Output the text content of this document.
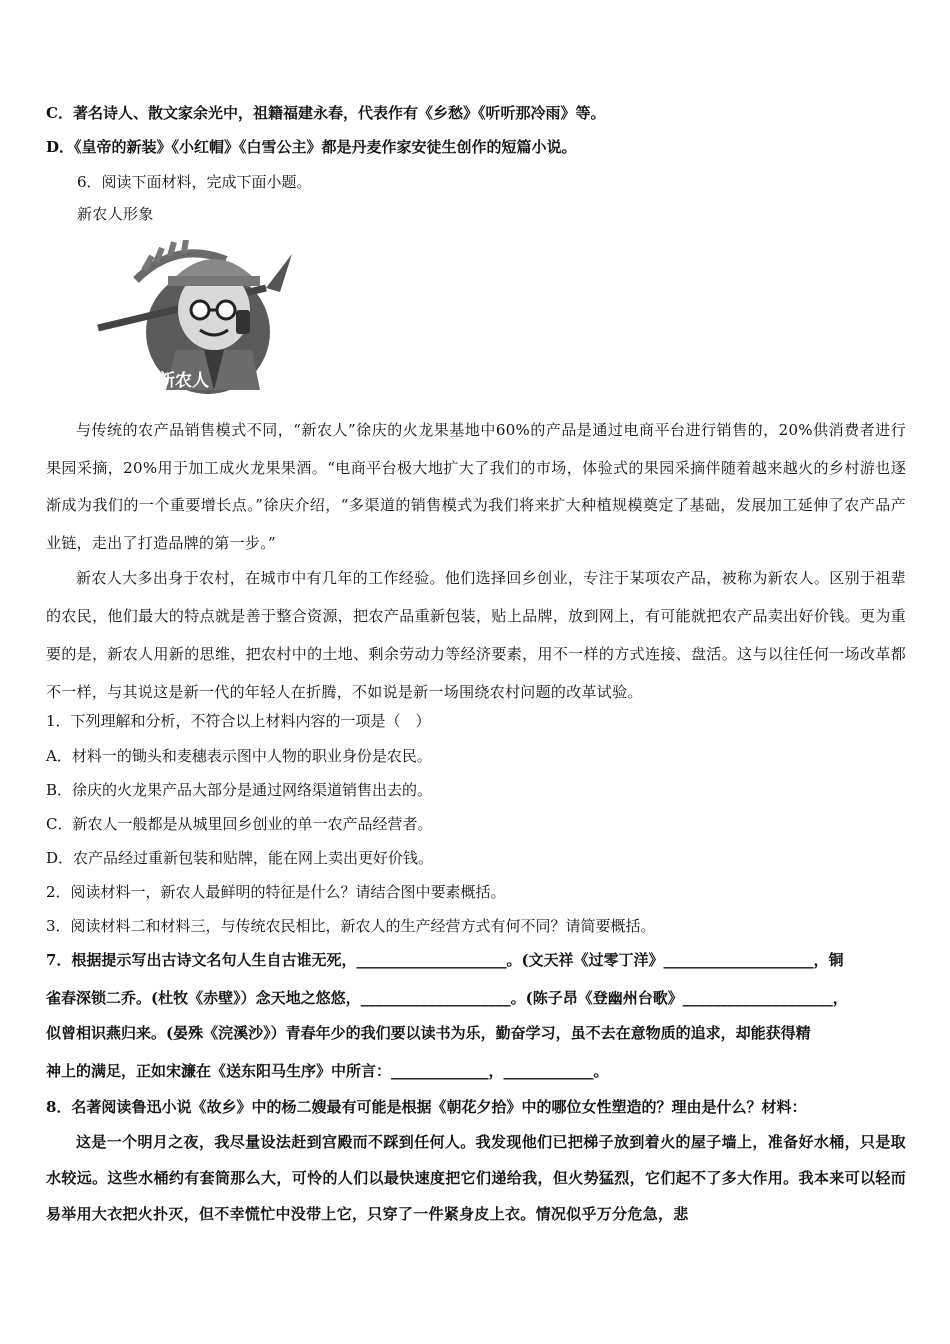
C．著名诗人、散文家余光中，祖籍福建永春，代表作有《乡愁》《听听那冷雨》等。
D．《皇帝的新装》《小红帽》《白雪公主》都是丹麦作家安徒生创作的短篇小说。
6．阅读下面材料，完成下面小题。
新农人形象
新农人
与传统的农产品销售模式不同，“新农人”徐庆的火龙果基地中60%的产品是通过电商平台进行销售的，20%供消费者进行果园采摘，20%用于加工成火龙果果酒。“电商平台极大地扩大了我们的市场，体验式的果园采摘伴随着越来越火的乡村游也逐渐成为我们的一个重要增长点。”徐庆介绍，“多渠道的销售模式为我们将来扩大种植规模奠定了基础，发展加工延伸了农产品产业链，走出了打造品牌的第一步。”
新农人大多出身于农村，在城市中有几年的工作经验。他们选择回乡创业，专注于某项农产品，被称为新农人。区别于祖辈的农民，他们最大的特点就是善于整合资源，把农产品重新包装，贴上品牌，放到网上，有可能就把农产品卖出好价钱。更为重要的是，新农人用新的思维，把农村中的土地、剩余劳动力等经济要素，用不一样的方式连接、盘活。这与以往任何一场改革都不一样，与其说这是新一代的年轻人在折腾，不如说是新一场围绕农村问题的改革试验。
1．下列理解和分析，不符合以上材料内容的一项是（　）
A．材料一的锄头和麦穗表示图中人物的职业身份是农民。
B．徐庆的火龙果产品大部分是通过网络渠道销售出去的。
C．新农人一般都是从城里回乡创业的单一农产品经营者。
D．农产品经过重新包装和贴牌，能在网上卖出更好价钱。
2．阅读材料一，新农人最鲜明的特征是什么？请结合图中要素概括。
3．阅读材料二和材料三，与传统农民相比，新农人的生产经营方式有何不同？请简要概括。
7．根据提示写出古诗文名句人生自古谁无死，____________________。(文天祥《过零丁洋》____________________，铜
雀春深锁二乔。(杜牧《赤壁》）念天地之悠悠，____________________。(陈子昂《登幽州台歌》____________________，
似曾相识燕归来。(晏殊《浣溪沙》）青春年少的我们要以读书为乐，勤奋学习，虽不去在意物质的追求，却能获得精
神上的满足，正如宋濂在《送东阳马生序》中所言：_____________，____________。
8．名著阅读鲁迅小说《故乡》中的杨二嫂最有可能是根据《朝花夕拾》中的哪位女性塑造的？理由是什么？材料：
这是一个明月之夜，我尽量设法赶到宫殿而不踩到任何人。我发现他们已把梯子放到着火的屋子墙上，准备好水桶，只是取水较远。这些水桶约有套筒那么大，可怜的人们以最快速度把它们递给我，但火势猛烈，它们起不了多大作用。我本来可以轻而易举用大衣把火扑灭，但不幸慌忙中没带上它，只穿了一件紧身皮上衣。情况似乎万分危急，悲
